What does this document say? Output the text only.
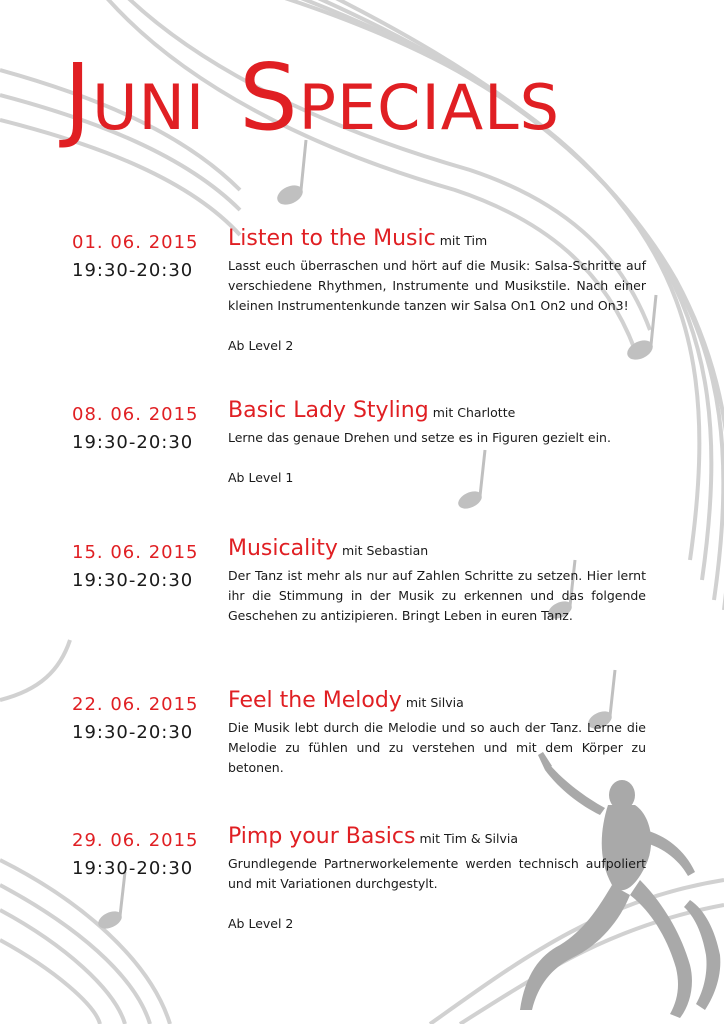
JUNI SPECIALS
01. 06. 2015
19:30-20:30
Listen to the Music mit Tim

Lasst euch überraschen und hört auf die Musik: Salsa-Schritte auf verschiedene Rhythmen, Instrumente und Musikstile. Nach einer kleinen Instrumentenkunde tanzen wir Salsa On1 On2 und On3!

Ab Level 2
08. 06. 2015
19:30-20:30
Basic Lady Styling mit Charlotte

Lerne das genaue Drehen und setze es in Figuren gezielt ein.

Ab Level 1
15. 06. 2015
19:30-20:30
Musicality mit Sebastian

Der Tanz ist mehr als nur auf Zahlen Schritte zu setzen. Hier lernt ihr die Stimmung in der Musik zu erkennen und das folgende Geschehen zu antizipieren. Bringt Leben in euren Tanz.

22. 06. 2015
19:30-20:30
Feel the Melody mit Silvia

Die Musik lebt durch die Melodie und so auch der Tanz. Lerne die Melodie zu fühlen und zu verstehen und mit dem Körper zu betonen.

29. 06. 2015
19:30-20:30
Pimp your Basics mit Tim & Silvia

Grundlegende Partnerworkelemente werden technisch aufpoliert und mit Variationen durchgestylt.

Ab Level 2
